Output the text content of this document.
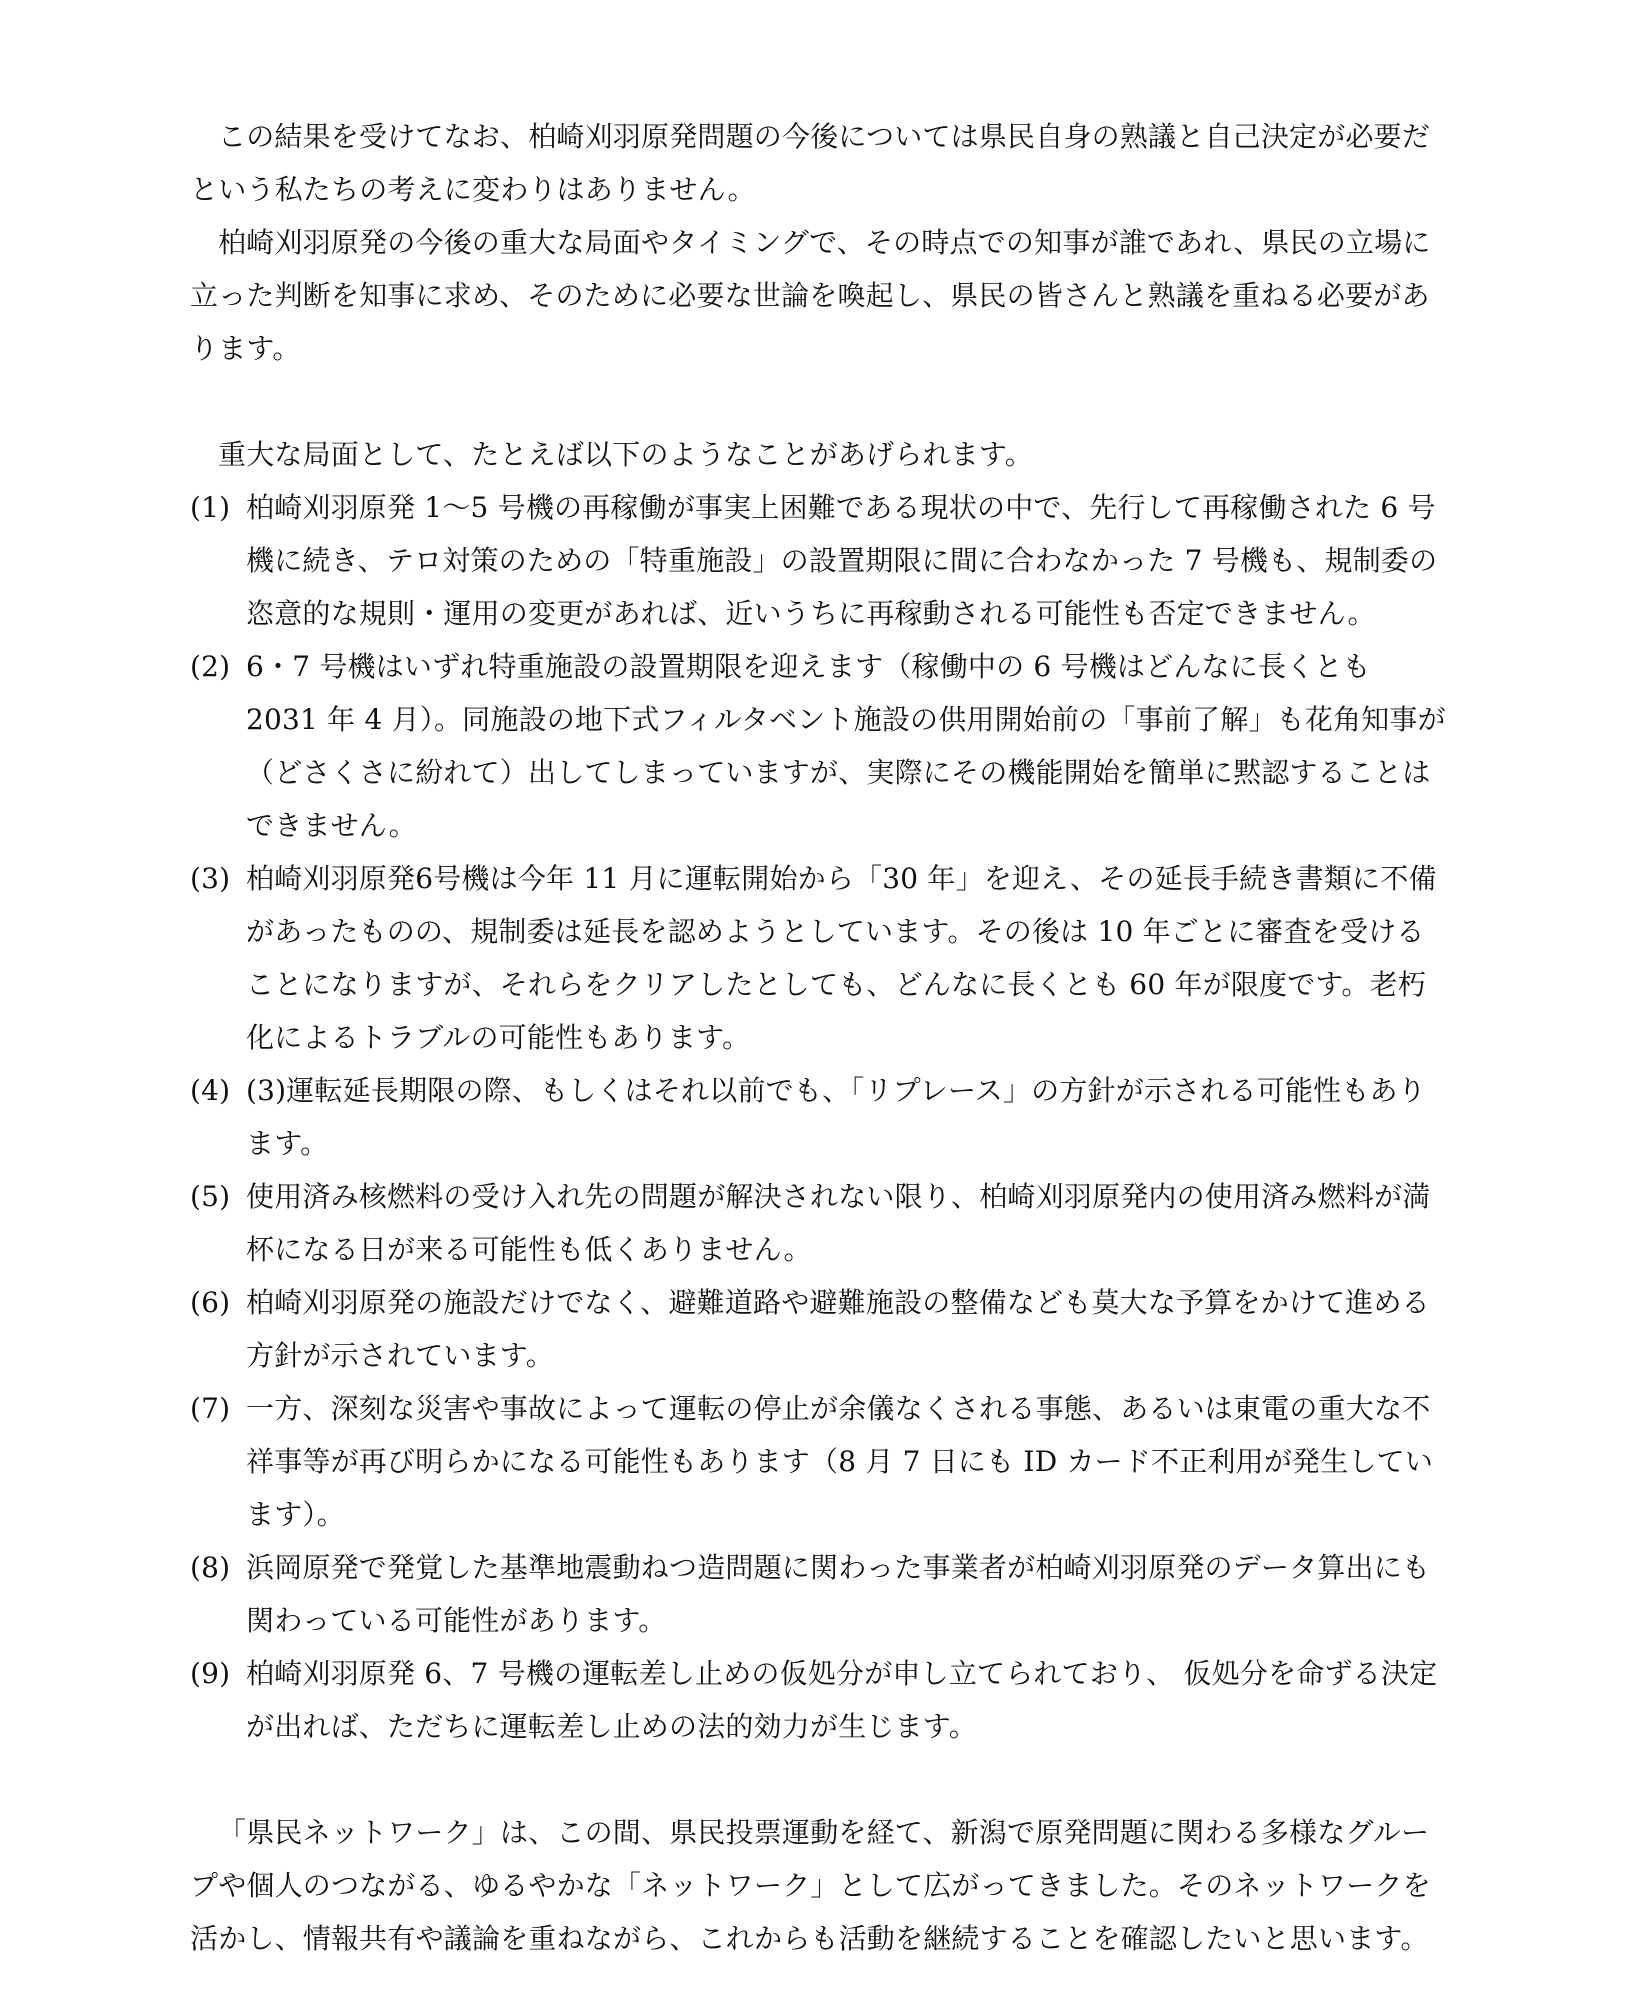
この結果を受けてなお、柏崎刈羽原発問題の今後については県民自身の熟議と自己決定が必要だという私たちの考えに変わりはありません。

柏崎刈羽原発の今後の重大な局面やタイミングで、その時点での知事が誰であれ、県民の立場に立った判断を知事に求め、そのために必要な世論を喚起し、県民の皆さんと熟議を重ねる必要があります。

重大な局面として、たとえば以下のようなことがあげられます。

(1) 柏崎刈羽原発 1〜5 号機の再稼働が事実上困難である現状の中で、先行して再稼働された 6 号機に続き、テロ対策のための「特重施設」の設置期限に間に合わなかった 7 号機も、規制委の恣意的な規則・運用の変更があれば、近いうちに再稼動される可能性も否定できません。
(2) 6・7 号機はいずれ特重施設の設置期限を迎えます（稼働中の 6 号機はどんなに長くとも 2031 年 4 月）。同施設の地下式フィルタベント施設の供用開始前の「事前了解」も花角知事が（どさくさに紛れて）出してしまっていますが、実際にその機能開始を簡単に黙認することはできません。
(3) 柏崎刈羽原発6号機は今年 11 月に運転開始から「30 年」を迎え、その延長手続き書類に不備があったものの、規制委は延長を認めようとしています。その後は 10 年ごとに審査を受けることになりますが、それらをクリアしたとしても、どんなに長くとも 60 年が限度です。老朽化によるトラブルの可能性もあります。
(4) (3)運転延長期限の際、もしくはそれ以前でも、「リプレース」の方針が示される可能性もあります。
(5) 使用済み核燃料の受け入れ先の問題が解決されない限り、柏崎刈羽原発内の使用済み燃料が満杯になる日が来る可能性も低くありません。
(6) 柏崎刈羽原発の施設だけでなく、避難道路や避難施設の整備なども莫大な予算をかけて進める方針が示されています。
(7) 一方、深刻な災害や事故によって運転の停止が余儀なくされる事態、あるいは東電の重大な不祥事等が再び明らかになる可能性もあります（8 月 7 日にも ID カード不正利用が発生しています）。
(8) 浜岡原発で発覚した基準地震動ねつ造問題に関わった事業者が柏崎刈羽原発のデータ算出にも関わっている可能性があります。
(9) 柏崎刈羽原発 6、7 号機の運転差し止めの仮処分が申し立てられており、 仮処分を命ずる決定が出れば、ただちに運転差し止めの法的効力が生じます。

「県民ネットワーク」は、この間、県民投票運動を経て、新潟で原発問題に関わる多様なグループや個人のつながる、ゆるやかな「ネットワーク」として広がってきました。そのネットワークを活かし、情報共有や議論を重ねながら、これからも活動を継続することを確認したいと思います。
